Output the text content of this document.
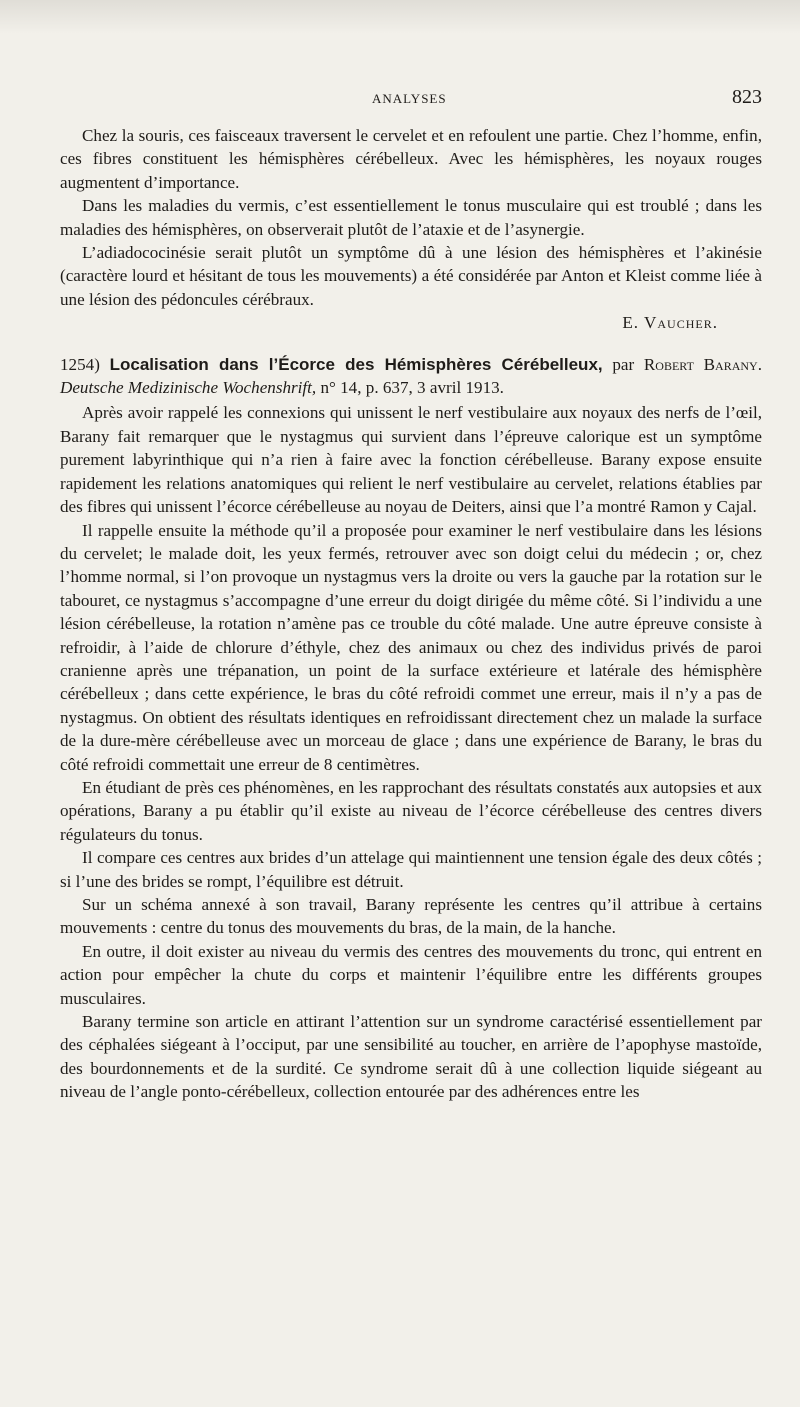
ANALYSES	823

Chez la souris, ces faisceaux traversent le cervelet et en refoulent une partie. Chez l’homme, enfin, ces fibres constituent les hémisphères cérébelleux. Avec les hémisphères, les noyaux rouges augmentent d’importance.

Dans les maladies du vermis, c’est essentiellement le tonus musculaire qui est troublé ; dans les maladies des hémisphères, on observerait plutôt de l’ataxie et de l’asynergie.

L’adiadococinésie serait plutôt un symptôme dû à une lésion des hémisphères et l’akinésie (caractère lourd et hésitant de tous les mouvements) a été considérée par Anton et Kleist comme liée à une lésion des pédoncules cérébraux.

E. Vaucher.

1254) Localisation dans l’Écorce des Hémisphères Cérébelleux, par Robert Barany. Deutsche Medizinische Wochenshrift, n° 14, p. 637, 3 avril 1913.

Après avoir rappelé les connexions qui unissent le nerf vestibulaire aux noyaux des nerfs de l’œil, Barany fait remarquer que le nystagmus qui survient dans l’épreuve calorique est un symptôme purement labyrinthique qui n’a rien à faire avec la fonction cérébelleuse. Barany expose ensuite rapidement les relations anatomiques qui relient le nerf vestibulaire au cervelet, relations établies par des fibres qui unissent l’écorce cérébelleuse au noyau de Deiters, ainsi que l’a montré Ramon y Cajal.

Il rappelle ensuite la méthode qu’il a proposée pour examiner le nerf vestibulaire dans les lésions du cervelet; le malade doit, les yeux fermés, retrouver avec son doigt celui du médecin ; or, chez l’homme normal, si l’on provoque un nystagmus vers la droite ou vers la gauche par la rotation sur le tabouret, ce nystagmus s’accompagne d’une erreur du doigt dirigée du même côté. Si l’individu a une lésion cérébelleuse, la rotation n’amène pas ce trouble du côté malade. Une autre épreuve consiste à refroidir, à l’aide de chlorure d’éthyle, chez des animaux ou chez des individus privés de paroi cranienne après une trépanation, un point de la surface extérieure et latérale des hémisphère cérébelleux ; dans cette expérience, le bras du côté refroidi commet une erreur, mais il n’y a pas de nystagmus. On obtient des résultats identiques en refroidissant directement chez un malade la surface de la dure-mère cérébelleuse avec un morceau de glace ; dans une expérience de Barany, le bras du côté refroidi commettait une erreur de 8 centimètres.

En étudiant de près ces phénomènes, en les rapprochant des résultats constatés aux autopsies et aux opérations, Barany a pu établir qu’il existe au niveau de l’écorce cérébelleuse des centres divers régulateurs du tonus.

Il compare ces centres aux brides d’un attelage qui maintiennent une tension égale des deux côtés ; si l’une des brides se rompt, l’équilibre est détruit.

Sur un schéma annexé à son travail, Barany représente les centres qu’il attribue à certains mouvements : centre du tonus des mouvements du bras, de la main, de la hanche.

En outre, il doit exister au niveau du vermis des centres des mouvements du tronc, qui entrent en action pour empêcher la chute du corps et maintenir l’équilibre entre les différents groupes musculaires.

Barany termine son article en attirant l’attention sur un syndrome caractérisé essentiellement par des céphalées siégeant à l’occiput, par une sensibilité au toucher, en arrière de l’apophyse mastoïde, des bourdonnements et de la surdité. Ce syndrome serait dû à une collection liquide siégeant au niveau de l’angle ponto-cérébelleux, collection entourée par des adhérences entre les
